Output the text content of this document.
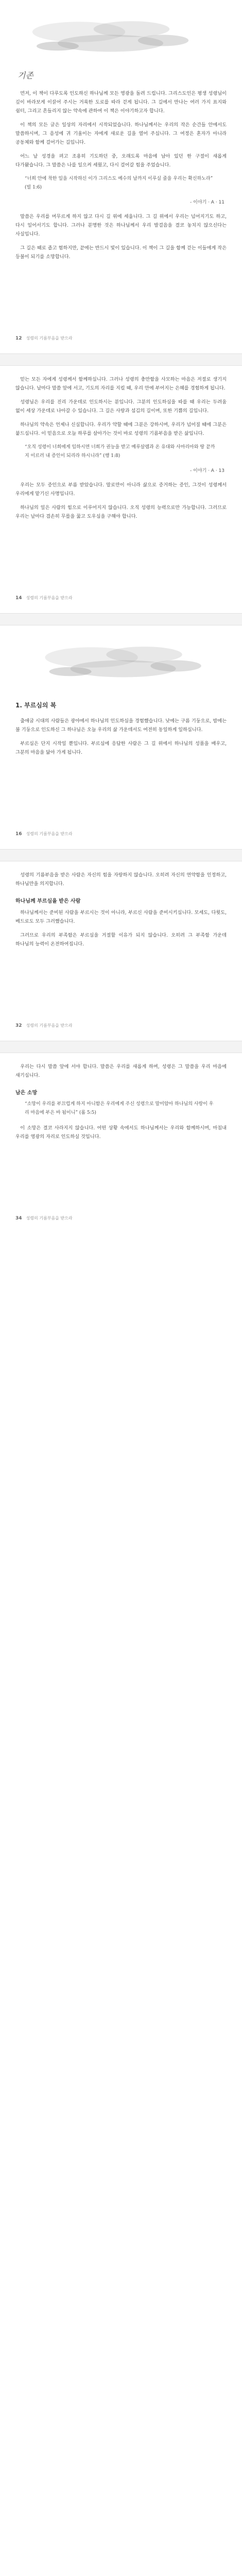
기존

먼저, 이 책이 다루도록 인도하신 하나님께 모든 영광을 돌려 드립니다. 그리스도인은 평생 성령님이 깊이 바라보게 이끌어 주시는 거룩한 도로를 따라 걷게 됩니다. 그 길에서 만나는 여러 가지 표지와 쉼터, 그리고 흔들리지 않는 약속에 관하여 이 책은 이야기하고자 합니다.

이 책의 모든 글은 일상의 자리에서 시작되었습니다. 하나님께서는 우리의 작은 순간들 안에서도 말씀하시며, 그 음성에 귀 기울이는 자에게 새로운 길을 열어 주십니다. 그 여정은 혼자가 아니라 공동체와 함께 걸어가는 길입니다.

어느 날 성경을 펴고 조용히 기도하던 중, 오래도록 마음에 남아 있던 한 구절이 새롭게 다가왔습니다. 그 말씀은 나를 일으켜 세웠고, 다시 걸어갈 힘을 주었습니다.

“너희 안에 착한 일을 시작하신 이가 그리스도 예수의 날까지 이루실 줄을 우리는 확신하노라” (빌 1:6)
- 이야기 · A · 11

말씀은 우리를 머무르게 하지 않고 다시 길 위에 세웁니다. 그 길 위에서 우리는 넘어지기도 하고, 다시 일어서기도 합니다. 그러나 분명한 것은 하나님께서 우리 발걸음을 결코 놓치지 않으신다는 사실입니다.

그 길은 때로 좁고 험하지만, 끝에는 반드시 빛이 있습니다. 이 책이 그 길을 함께 걷는 이들에게 작은 등불이 되기를 소망합니다.

12 성령의 기름부음을 받으라

믿는 모든 자에게 성령께서 함께하십니다. 그러나 성령의 충만함을 사모하는 마음은 저절로 생기지 않습니다. 날마다 말씀 앞에 서고, 기도의 자리를 지킬 때, 우리 안에 부어지는 은혜를 경험하게 됩니다.

성령님은 우리를 진리 가운데로 인도하시는 분입니다. 그분의 인도하심을 따를 때 우리는 두려움 없이 세상 가운데로 나아갈 수 있습니다. 그 길은 사랑과 섬김의 길이며, 또한 기쁨의 길입니다.

하나님의 약속은 언제나 신실합니다. 우리가 약할 때에 그분은 강하시며, 우리가 넘어질 때에 그분은 붙드십니다. 이 믿음으로 오늘 하루를 살아가는 것이 바로 성령의 기름부음을 받은 삶입니다.

“오직 성령이 너희에게 임하시면 너희가 권능을 받고 예루살렘과 온 유대와 사마리아와 땅 끝까지 이르러 내 증인이 되리라 하시니라” (행 1:8)
- 이야기 · A · 13

우리는 모두 증인으로 부름 받았습니다. 말로만이 아니라 삶으로 증거하는 증인, 그것이 성령께서 우리에게 맡기신 사명입니다.

하나님의 일은 사람의 힘으로 이루어지지 않습니다. 오직 성령의 능력으로만 가능합니다. 그러므로 우리는 날마다 겸손히 무릎을 꿇고 도우심을 구해야 합니다.

14 성령의 기름부음을 받으라
1. 부르심의 복

출애굽 시대의 사람들은 광야에서 하나님의 인도하심을 경험했습니다. 낮에는 구름 기둥으로, 밤에는 불 기둥으로 인도하신 그 하나님은 오늘 우리의 삶 가운데서도 여전히 동일하게 일하십니다.

부르심은 단지 시작일 뿐입니다. 부르심에 응답한 사람은 그 길 위에서 하나님의 성품을 배우고, 그분의 마음을 닮아 가게 됩니다.

16 성령의 기름부음을 받으라

성령의 기름부음을 받은 사람은 자신의 힘을 자랑하지 않습니다. 오히려 자신의 연약함을 인정하고, 하나님만을 의지합니다.

하나님께 부르심을 받은 사람

하나님께서는 준비된 사람을 부르시는 것이 아니라, 부르신 사람을 준비시키십니다. 모세도, 다윗도, 베드로도 모두 그러했습니다.

그러므로 우리의 부족함은 부르심을 거절할 이유가 되지 않습니다. 오히려 그 부족함 가운데 하나님의 능력이 온전하여집니다.

32 성령의 기름부음을 받으라

우리는 다시 말씀 앞에 서야 합니다. 말씀은 우리를 새롭게 하며, 성령은 그 말씀을 우리 마음에 새기십니다.

남은 소망
“소망이 우리를 부끄럽게 하지 아니함은 우리에게 주신 성령으로 말미암아 하나님의 사랑이 우리 마음에 부은 바 됨이니” (롬 5:5)

이 소망은 결코 사라지지 않습니다. 어떤 상황 속에서도 하나님께서는 우리와 함께하시며, 마침내 우리를 영광의 자리로 인도하실 것입니다.

34 성령의 기름부음을 받으라
